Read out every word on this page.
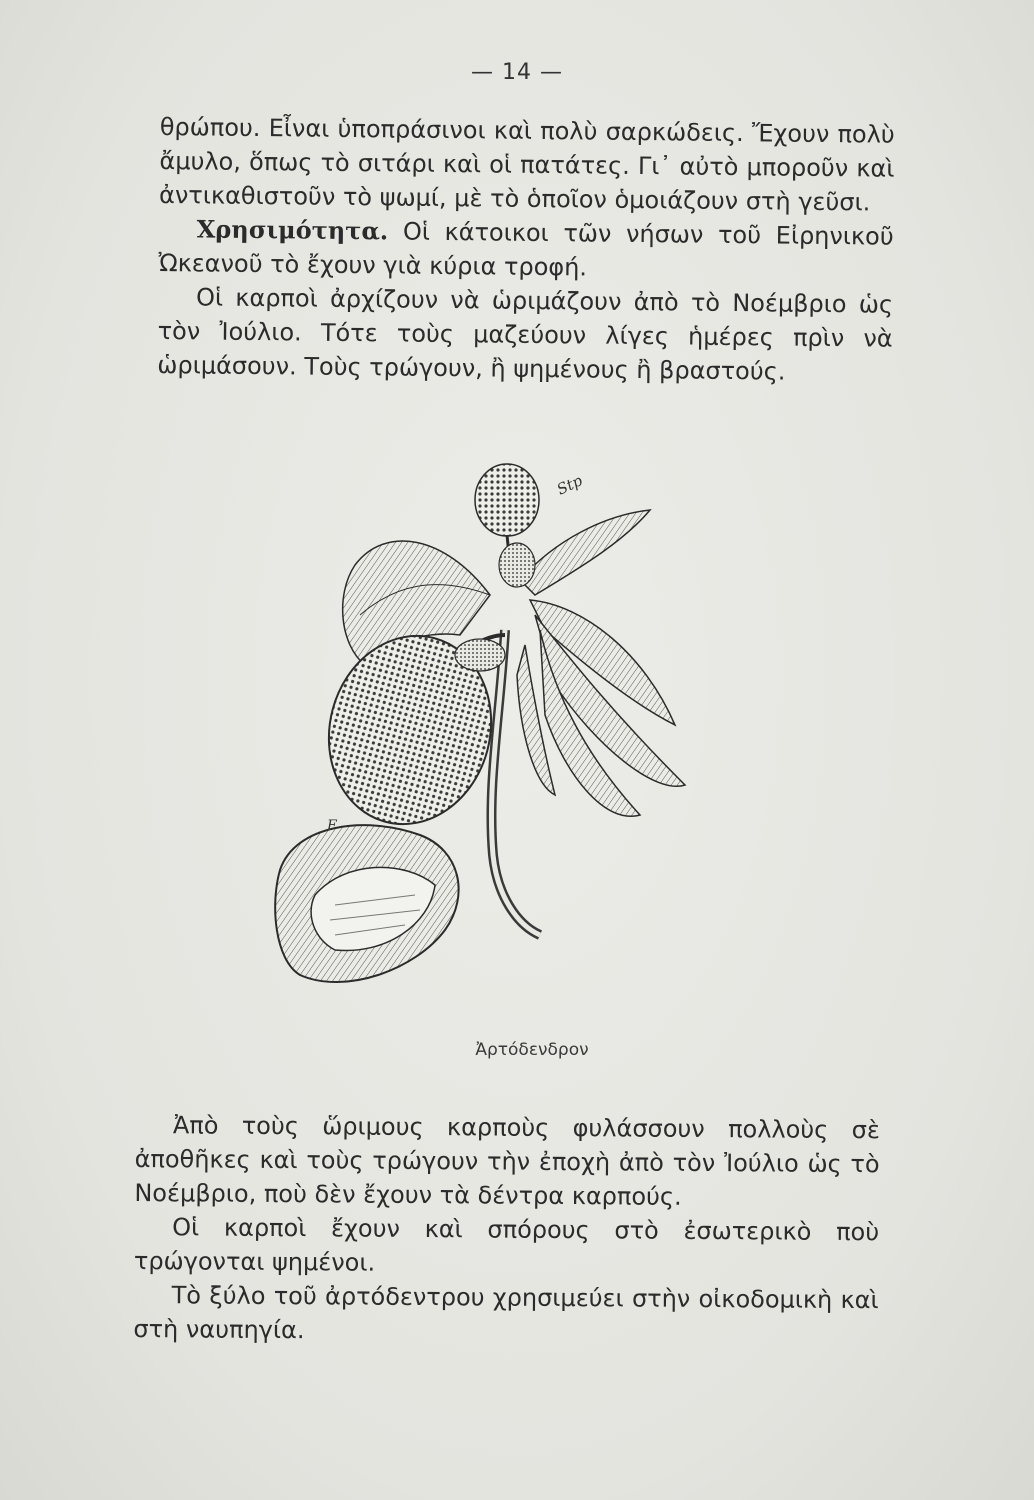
— 14 —

θρώπου. Εἶναι ὑποπράσινοι καὶ πολὺ σαρκώδεις. Ἔχουν πολὺ ἄμυλο, ὅπως τὸ σιτάρι καὶ οἱ πατάτες. Γι᾿ αὐτὸ μποροῦν καὶ ἀντικαθιστοῦν τὸ ψωμί, μὲ τὸ ὁποῖον ὁμοιάζουν στὴ γεῦσι.

Χρησιμότητα. Οἱ κάτοικοι τῶν νήσων τοῦ Εἰρηνικοῦ Ὠκεανοῦ τὸ ἔχουν γιὰ κύρια τροφή.

Οἱ καρποὶ ἀρχίζουν νὰ ὡριμάζουν ἀπὸ τὸ Νοέμβριο ὡς τὸν Ἰούλιο. Τότε τοὺς μαζεύουν λίγες ἡμέρες πρὶν νὰ ὡριμάσουν. Τοὺς τρώγουν, ἢ ψημένους ἢ βραστούς.

Stp
F
Ἀρτόδενδρον

Ἀπὸ τοὺς ὥριμους καρποὺς φυλάσσουν πολλοὺς σὲ ἀποθῆκες καὶ τοὺς τρώγουν τὴν ἐποχὴ ἀπὸ τὸν Ἰούλιο ὡς τὸ Νοέμβριο, ποὺ δὲν ἔχουν τὰ δέντρα καρπούς.

Οἱ καρποὶ ἔχουν καὶ σπόρους στὸ ἐσωτερικὸ ποὺ τρώγονται ψημένοι.

Τὸ ξύλο τοῦ ἀρτόδεντρου χρησιμεύει στὴν οἰκοδομικὴ καὶ στὴ ναυπηγία.
